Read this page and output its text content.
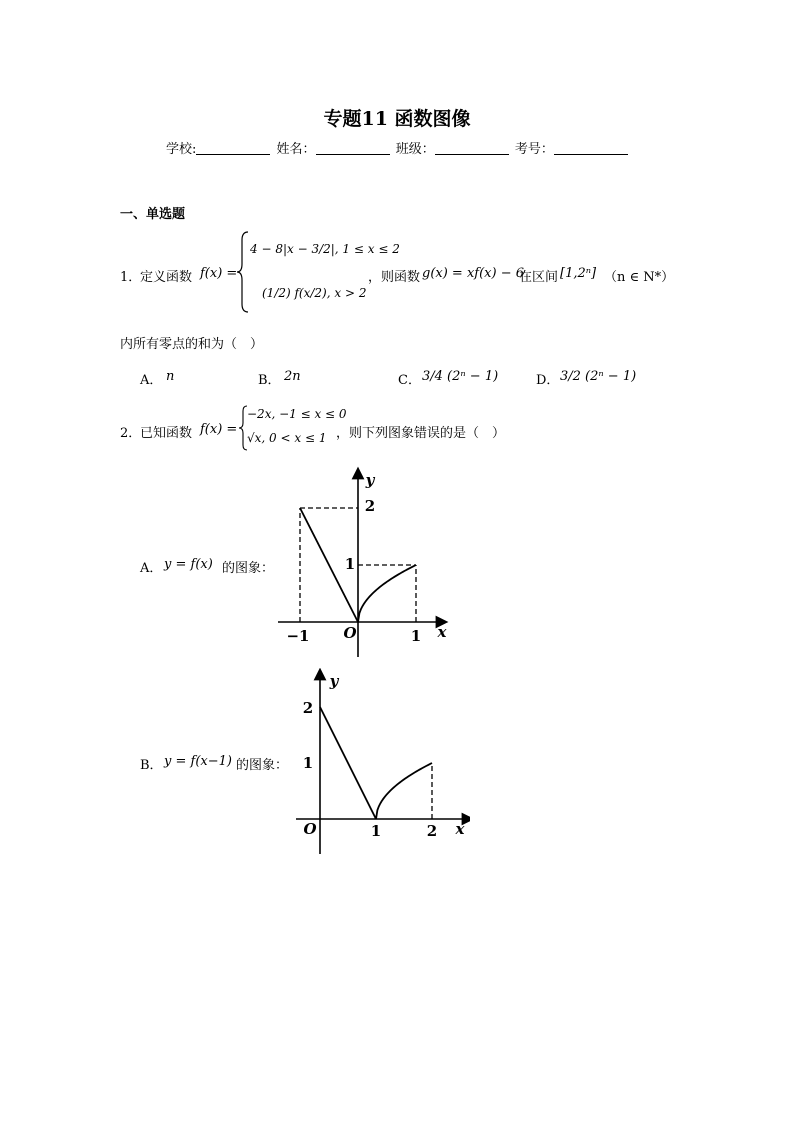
专题11 函数图像
学校:	姓名：	班级：	考号：
一、单选题
1．
定义函数 f(x) =
4 − 8|x − 3/2|, 1 ≤ x ≤ 2
(1/2) f(x/2), x > 2
，则函数 g(x) = xf(x) − 6
在区间 [1,2ⁿ] （n ∈ N*）
内所有零点的和为（　）
A． n	B． 2n	C． 3/4 (2ⁿ − 1)	D． 3/2 (2ⁿ − 1)
2．
已知函数 f(x) =
−2x, −1 ≤ x ≤ 0
√x, 0 < x ≤ 1 ，则下列图象错误的是（　）
A． y = f(x) 的图象：
B． y = f(x−1) 的图象：
−1 O	1 x
2
1
y
O	1	2 x
2
1
y
